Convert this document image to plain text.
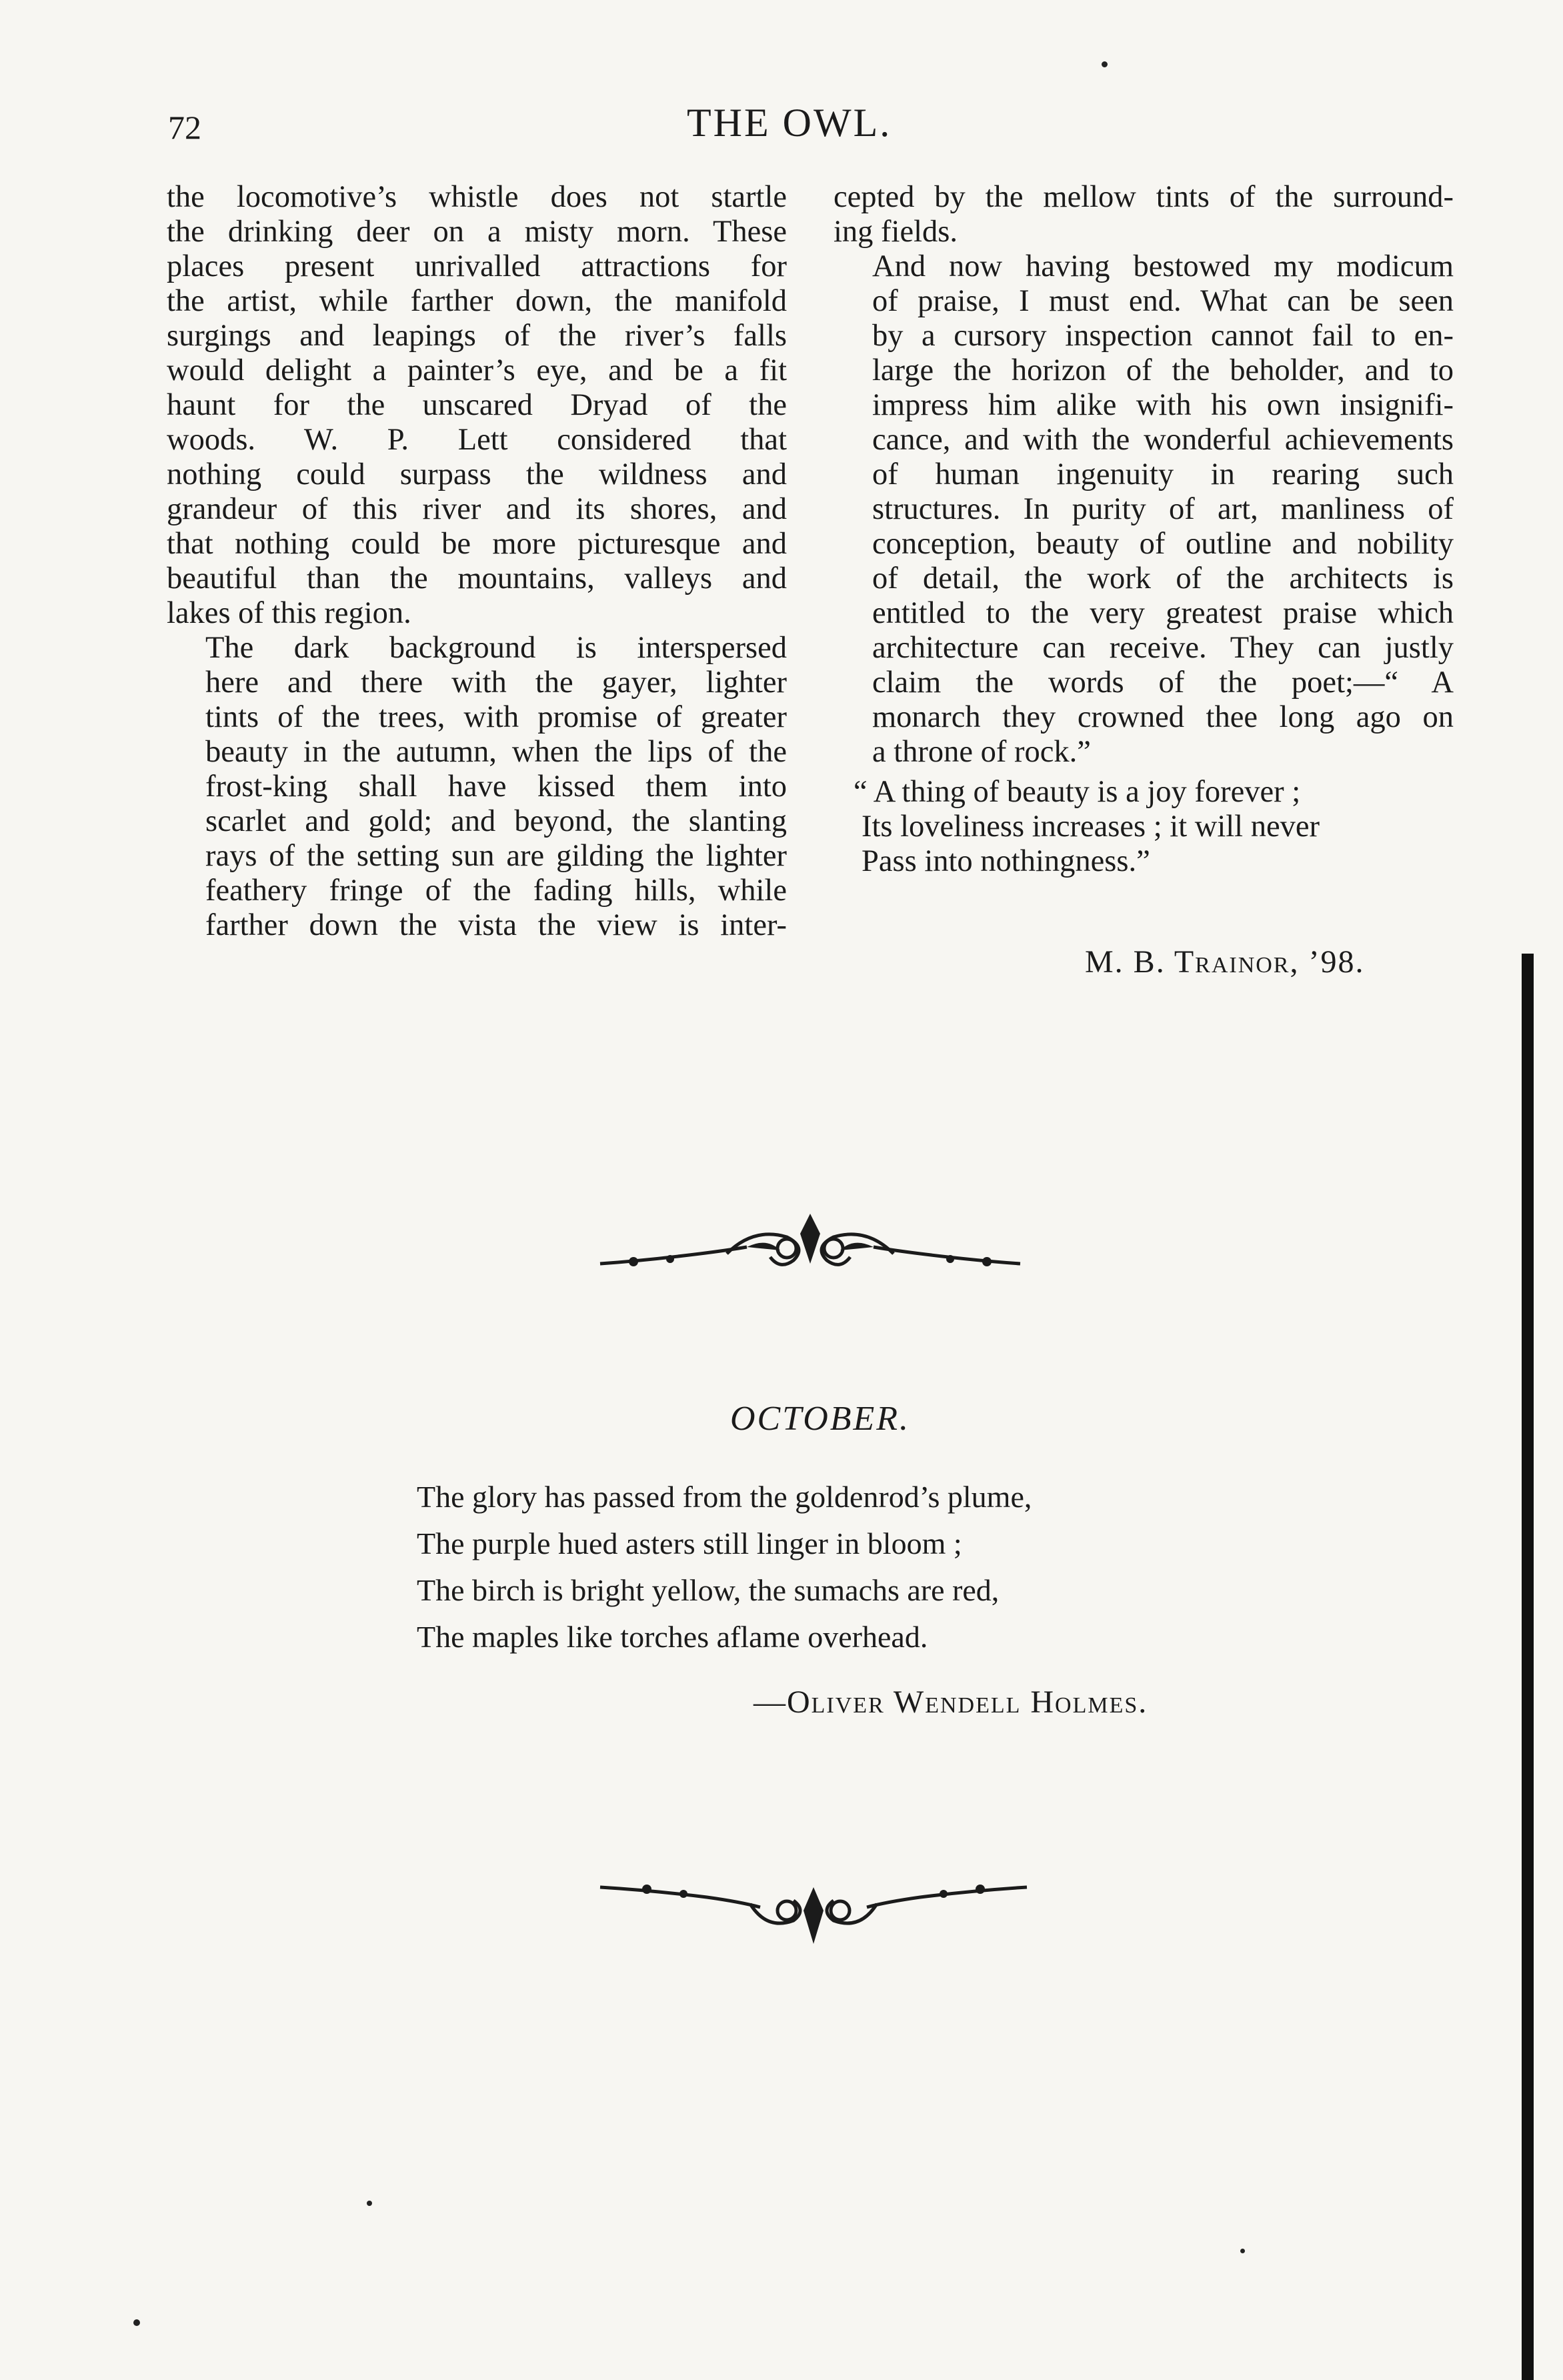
72	THE OWL.

the locomotive’s whistle does not startle
the drinking deer on a misty morn. These
places present unrivalled attractions for
the artist, while farther down, the manifold
surgings and leapings of the river’s falls
would delight a painter’s eye, and be a fit
haunt for the unscared Dryad of the
woods. W. P. Lett considered that
nothing could surpass the wildness and
grandeur of this river and its shores, and
that nothing could be more picturesque and
beautiful than the mountains, valleys and
lakes of this region.

The dark background is interspersed
here and there with the gayer, lighter
tints of the trees, with promise of greater
beauty in the autumn, when the lips of the
frost-king shall have kissed them into
scarlet and gold; and beyond, the slanting
rays of the setting sun are gilding the lighter
feathery fringe of the fading hills, while
farther down the vista the view is inter-

cepted by the mellow tints of the surround-
ing fields.

And now having bestowed my modicum
of praise, I must end. What can be seen
by a cursory inspection cannot fail to en-
large the horizon of the beholder, and to
impress him alike with his own insignifi-
cance, and with the wonderful achievements
of human ingenuity in rearing such
structures. In purity of art, manliness of
conception, beauty of outline and nobility
of detail, the work of the architects is
entitled to the very greatest praise which
architecture can receive. They can justly
claim the words of the poet;—“ A
monarch they crowned thee long ago on
a throne of rock.”

“ A thing of beauty is a joy forever ;
Its loveliness increases ; it will never
Pass into nothingness.”

M. B. Trainor, ’98.
OCTOBER.
The glory has passed from the goldenrod’s plume,
The purple hued asters still linger in bloom ;
The birch is bright yellow, the sumachs are red,
The maples like torches aflame overhead.
—Oliver Wendell Holmes.
